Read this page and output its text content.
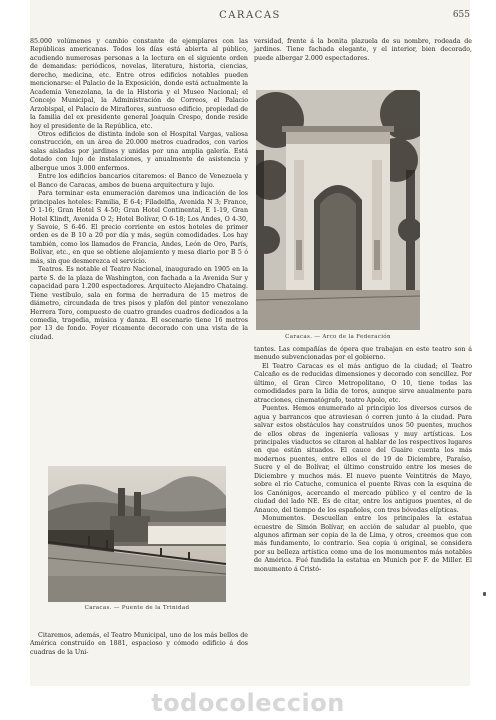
CARACAS	655

85.000 volúmenes y cambio constante de ejemplares con las Repúblicas americanas. Todos los días está abierta al público, acudiendo numerosas personas a la lectura en el siguiente orden de demandas: periódicos, novelas, literatura, historia, ciencias, derecho, medicina, etc. Entre otros edificios notables pueden mencionarse: el Palacio de la Exposición, donde está actualmente la Academia Venezolana, la de la Historia y el Museo Nacional; el Concejo Municipal, la Administración de Correos, el Palacio Arzobispal, el Palacio de Miraflores, suntuoso edificio, propiedad de la familia del ex presidente general Joaquín Crespo, donde reside hoy el presidente de la República, etc.

Otros edificios de distinta índole son el Hospital Vargas, valiosa construcción, en un área de 20.000 metros cuadrados, con varios salas aisladas por jardines y unidas por una amplia galería. Está dotado con lujo de instalaciones, y anualmente de asistencia y albergue unos 3.000 enfermos.

Entre los edificios bancarios citaremos: el Banco de Venezuela y el Banco de Caracas, ambos de buena arquitectura y lujo.

Para terminar esta enumeración daremos una indicación de los principales hoteles: Familia, E 6-4; Filadelfia, Avenida N 3; France, O 1-16; Gran Hotel S 4-50; Gran Hotel Continental, E 1-19, Gran Hotel Klindt, Avenida O 2; Hotel Bolívar, O 6-18; Los Andes, O 4-30, y Savoie, S 6-46. El precio corriente en estos hoteles de primer orden es de B 10 a 20 por día y más, según comodidades. Los hay también, como los llamados de Francia, Andes, León de Oro, París, Bolívar, etc., en que se obtiene alojamiento y mesa diario por B 5 ó más, sin que desmerezca el servicio.

Teatros. Es notable el Teatro Nacional, inaugurado en 1905 en la parte S. de la plaza de Washington, con fachada a la Avenida Sur y capacidad para 1.200 espectadores. Arquitecto Alejandro Chataing. Tiene vestíbulo, sala en forma de herradura de 15 metros de diámetro, circundada de tres pisos y plafón del pintor venezolano Herrera Toro, compuesto de cuatro grandes cuadros dedicados a la comedia, tragedia, música y danza. El escenario tiene 16 metros por 13 de fondo. Foyer ricamente decorado con una vista de la ciudad.

Caracas. — Puente de la Trinidad

Citaremos, además, el Teatro Municipal, uno de los más bellos de América construído en 1881, espacioso y cómodo edificio á dos cuadras de la Uni-

versidad, frente á la bonita plazuela de su nombre, rodeada de jardines. Tiene fachada elegante, y el interior, bien decorado, puede albergar 2.000 espectadores.

Caracas. — Arco de la Federación

tantes. Las compañías de ópera que trabajan en este teatro son á menudo subvencionadas por el gobierno.

El Teatro Caracas es el más antiguo de la ciudad; el Teatro Calcaño es de reducidas dimensiones y decorado con sencillez. Por último, el Gran Circo Metropolitano, O 10, tiene todas las comodidades para la lidia de toros, aunque sirve anualmente para atracciones, cinematógrafo, teatro Apolo, etc.

Puentes. Hemos enumerado al principio los diversos cursos de agua y barrancos que atraviesan ó corren junto á la ciudad. Para salvar estos obstáculos hay construídos unos 50 puentes, muchos de ellos obras de ingeniería valiosas y muy artísticas. Los principales viaductos se citaron al hablar de los respectivos lugares en que están situados. El cauce del Guaire cuenta los más modernos puentes, entre ellos el de 19 de Diciembre, Paraíso, Sucre y el de Bolívar, el último construído entre los meses de Diciembre y muchos más. El nuevo puente Veintitrés de Mayo, sobre el río Catuche, comunica el puente Rivas con la esquina de los Canónigos, acercando el mercado público y el centro de la ciudad del lado NE. Es de citar, entre los antiguos puentes, el de Anauco, del tiempo de los españoles, con tres bóvedas elípticas.

Monumentos. Descuellan entre los principales la estatua ecuestre de Simón Bolívar, en acción de saludar al pueblo, que algunos afirman ser copia de la de Lima, y otros, creemos que con más fundamento, lo contrario. Sea copia ú original, se considera por su belleza artística como una de los monumentos más notables de América. Fué fundida la estatua en Munich por F. de Miller. El monumento á Cristó-

todocoleccion
